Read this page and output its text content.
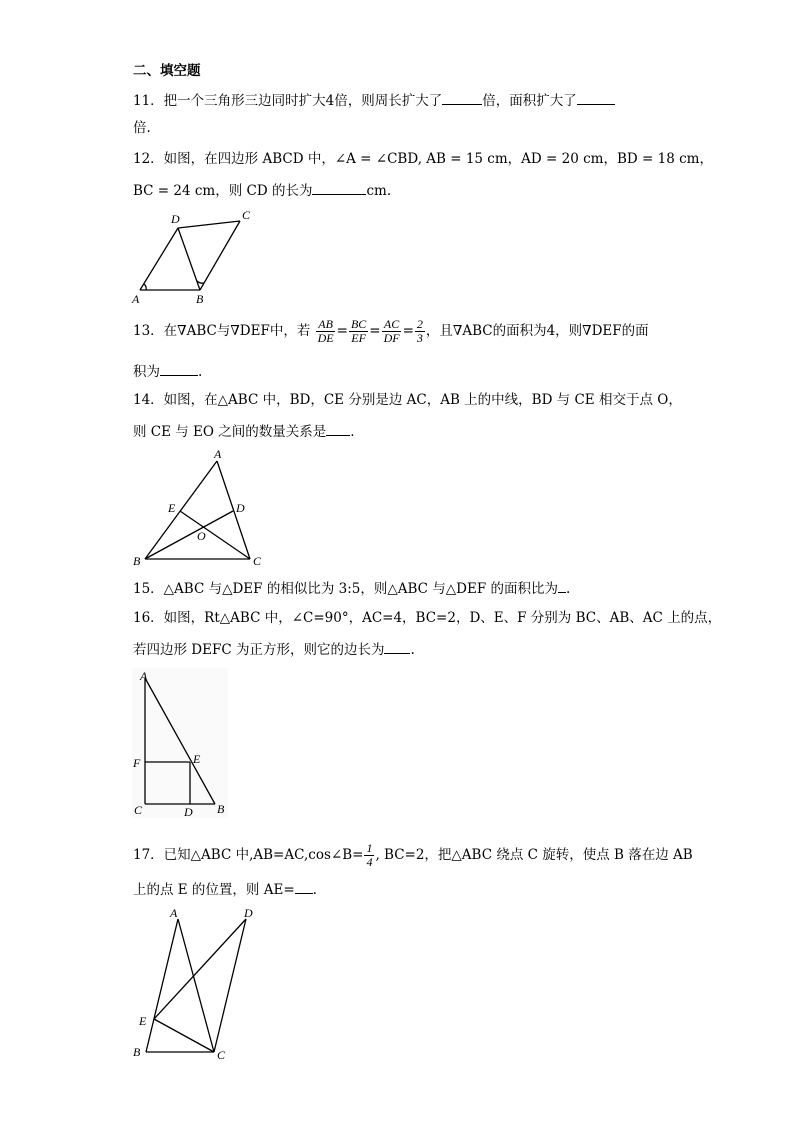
二、填空题
11．把一个三角形三边同时扩大4倍，则周长扩大了	倍，面积扩大了
倍.
12．如图，在四边形 ABCD 中，∠A = ∠CBD, AB = 15 cm，AD = 20 cm，BD = 18 cm，
BC = 24 cm，则 CD 的长为	cm.
A	B
C
D
13．在∇ABC与∇DEF中，若 $\frac{AB}{DE} = \frac{BC}{EF} = \frac{AC}{DF} = \frac{2}{3}$ ，且∇ABC的面积为4，则∇DEF的面
积为	.
14．如图，在△ABC 中，BD，CE 分别是边 AC，AB 上的中线，BD 与 CE 相交于点 O，
则 CE 与 EO 之间的数量关系是 .
A
B	C
D
E
O
15．△ABC 与△DEF 的相似比为 3:5，则△ABC 与△DEF 的面积比为 .
16．如图，Rt△ABC 中，∠C=90°，AC=4，BC=2，D、E、F 分别为 BC、AB、AC 上的点，
若四边形 DEFC 为正方形，则它的边长为 .
A
B
C	D
E
F
17．已知△ABC 中,AB=AC,cos∠B= $\frac{1}{4}$ , BC=2，把△ABC 绕点 C 旋转，使点 B 落在边 AB
上的点 E 的位置，则 AE= .
A
B	C
D
E
